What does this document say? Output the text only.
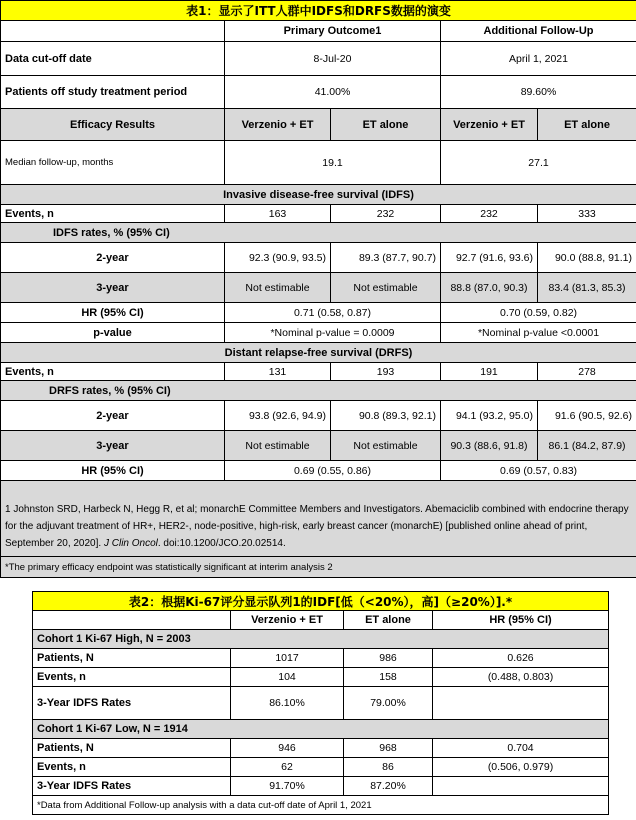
表1：显示了ITT人群中IDFS和DRFS数据的演变				
	Primary Outcome1		Additional Follow-Up	
Data cut-off date	8-Jul-20		April 1, 2021	
Patients off study treatment period	41.00%		89.60%	
Efficacy Results	Verzenio + ET	ET alone	Verzenio + ET	ET alone
Median follow-up, months	19.1		27.1	
Invasive disease-free survival (IDFS)				
Events, n	163	232	232	333
IDFS rates, % (95% CI)				
2-year	92.3 (90.9, 93.5)	89.3 (87.7, 90.7)	92.7 (91.6, 93.6)	90.0 (88.8, 91.1)
3-year	Not estimable	Not estimable	88.8 (87.0, 90.3)	83.4 (81.3, 85.3)
HR (95% CI)	0.71 (0.58, 0.87)		0.70 (0.59, 0.82)	
p-value	*Nominal p-value = 0.0009		*Nominal p-value <0.0001	
Distant relapse-free survival (DRFS)				
Events, n	131	193	191	278
DRFS rates, % (95% CI)				
2-year	93.8 (92.6, 94.9)	90.8 (89.3, 92.1)	94.1 (93.2, 95.0)	91.6 (90.5, 92.6)
3-year	Not estimable	Not estimable	90.3 (88.6, 91.8)	86.1 (84.2, 87.9)
HR (95% CI)	0.69 (0.55, 0.86)		0.69 (0.57, 0.83)	
1 Johnston SRD, Harbeck N, Hegg R, et al; monarchE Committee Members and Investigators. Abemaciclib combined with endocrine therapy for the adjuvant treatment of HR+, HER2-, node-positive, high-risk, early breast cancer (monarchE) [published online ahead of print, September 20, 2020]. J Clin Oncol. doi:10.1200/JCO.20.02514.				
*The primary efficacy endpoint was statistically significant at interim analysis 2				
表2：根据Ki-67评分显示队列1的IDF[低（<20%），高]（≥20%）].*			
	Verzenio + ET	ET alone	HR (95% CI)
Cohort 1 Ki-67 High, N = 2003			
Patients, N	1017	986	0.626
Events, n	104	158	(0.488, 0.803)
3-Year IDFS Rates	86.10%	79.00%	
Cohort 1 Ki-67 Low, N = 1914			
Patients, N	946	968	0.704
Events, n	62	86	(0.506, 0.979)
3-Year IDFS Rates	91.70%	87.20%	
*Data from Additional Follow-up analysis with a data cut-off date of April 1, 2021			
